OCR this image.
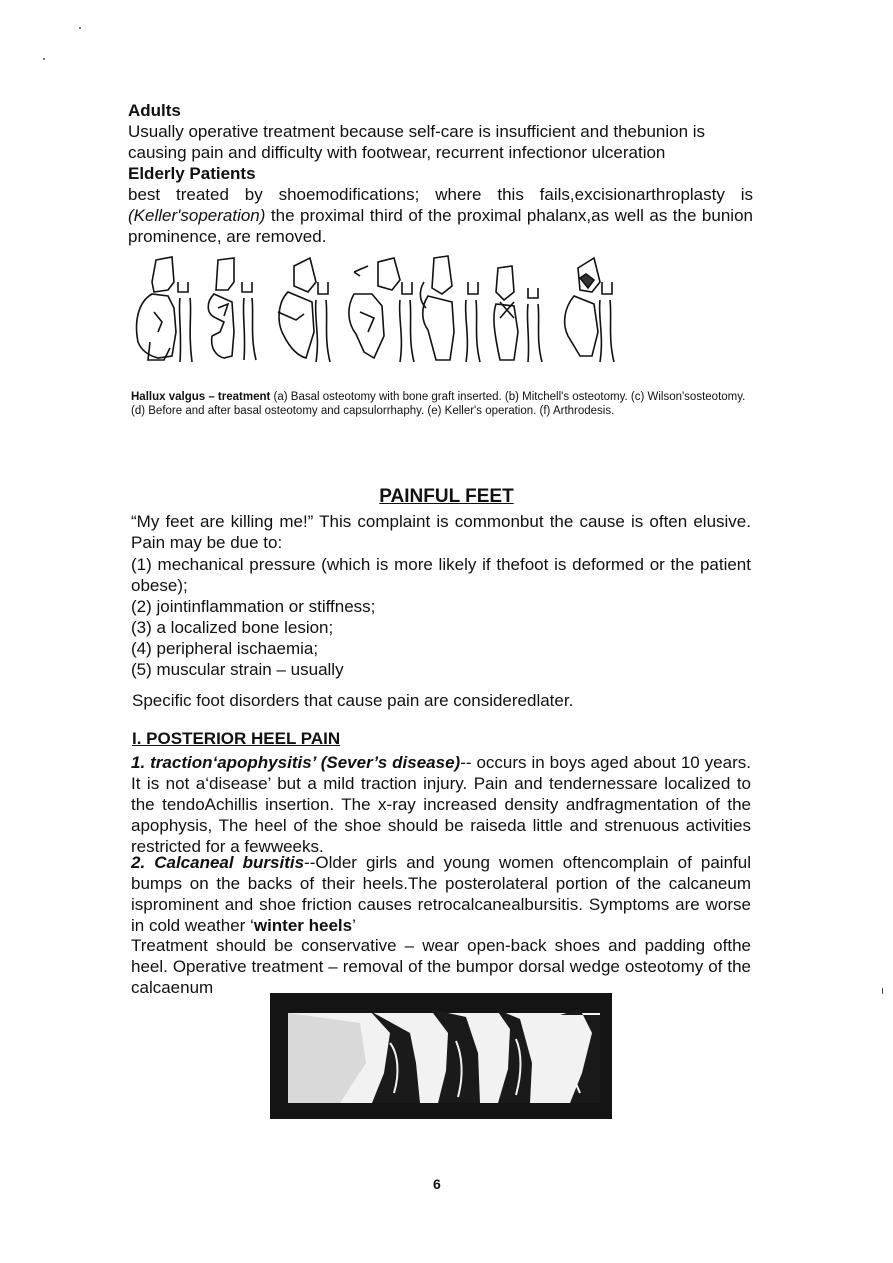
Adults
Usually operative treatment because self-care is insufficient and thebunion is causing pain and difficulty with footwear, recurrent infectionor ulceration
Elderly Patients
best treated by shoemodifications; where this fails,excisionarthroplasty is (Keller'soperation) the proximal third of the proximal phalanx,as well as the bunion prominence, are removed.
Hallux valgus – treatment (a) Basal osteotomy with bone graft inserted. (b) Mitchell's osteotomy. (c) Wilson'sosteotomy. (d) Before and after basal osteotomy and capsulorrhaphy. (e) Keller's operation. (f) Arthrodesis.
PAINFUL FEET
“My feet are killing me!” This complaint is commonbut the cause is often elusive. Pain may be due to:
(1) mechanical pressure (which is more likely if thefoot is deformed or the patient obese);
(2) jointinflammation or stiffness;
(3) a localized bone lesion;
(4) peripheral ischaemia;
(5) muscular strain – usually
Specific foot disorders that cause pain are consideredlater.
I. POSTERIOR HEEL PAIN
1. traction‘apophysitis’ (Sever’s disease)-- occurs in boys aged about 10 years. It is not a‘disease’ but a mild traction injury. Pain and tendernessare localized to the tendoAchillis insertion. The x-ray increased density andfragmentation of the apophysis, The heel of the shoe should be raiseda little and strenuous activities restricted for a fewweeks.
2. Calcaneal bursitis--Older girls and young women oftencomplain of painful bumps on the backs of their heels.The posterolateral portion of the calcaneum isprominent and shoe friction causes retrocalcanealbursitis. Symptoms are worse in cold weather ‘winter heels’
Treatment should be conservative – wear open-back shoes and padding ofthe heel. Operative treatment – removal of the bumpor dorsal wedge osteotomy of the calcaenum
6
